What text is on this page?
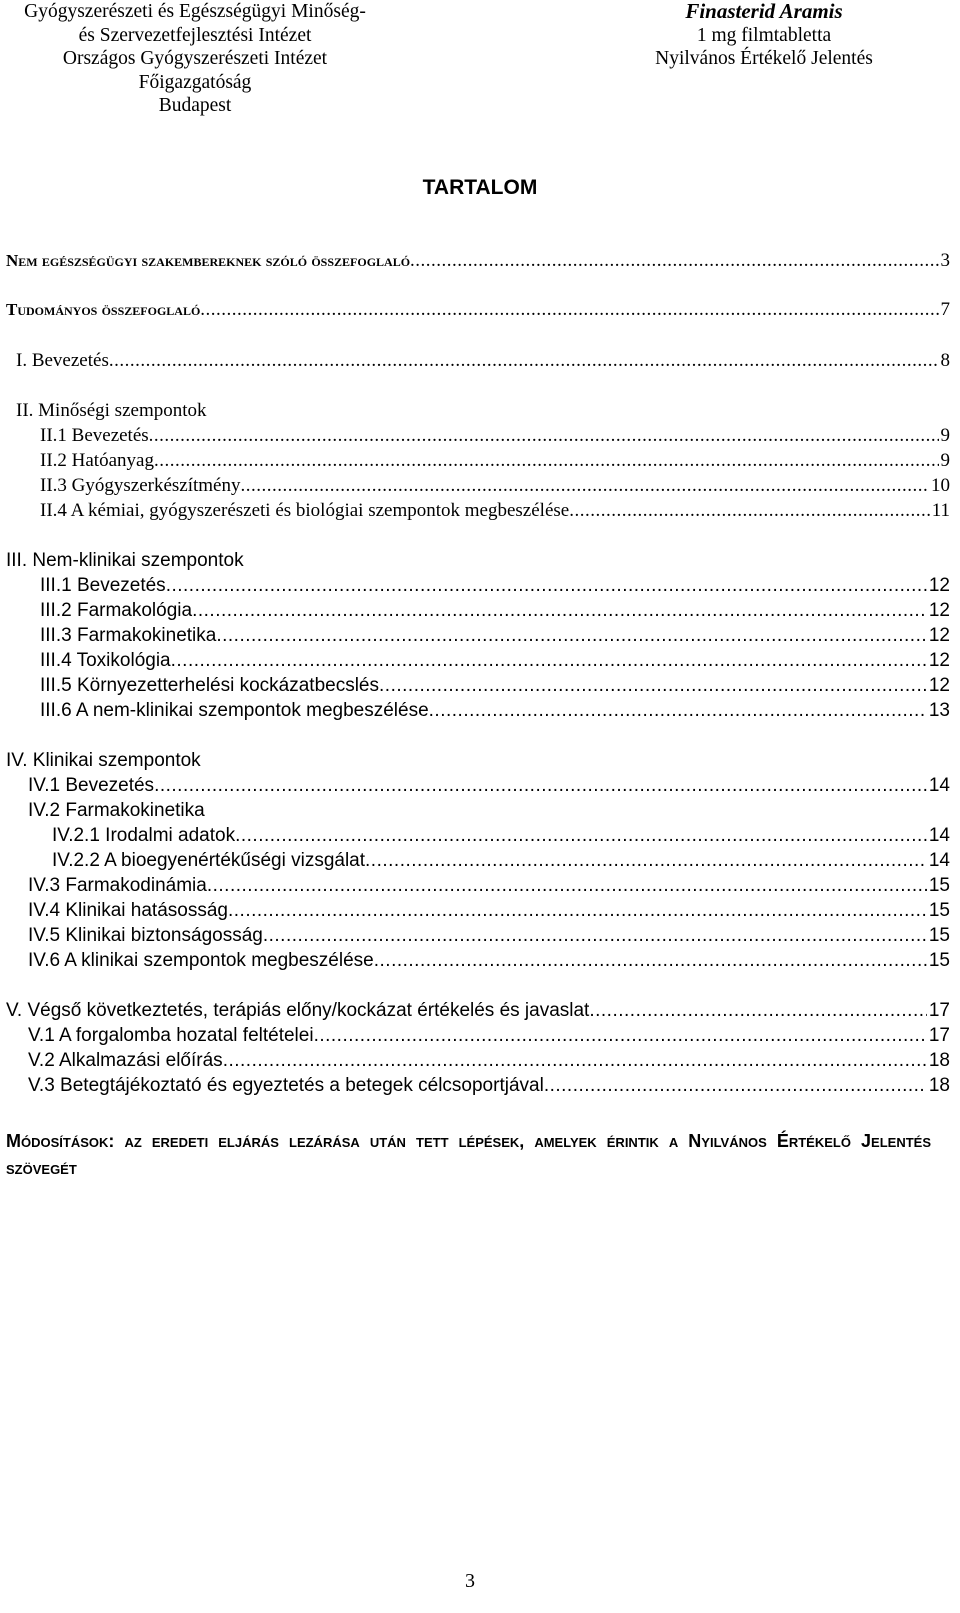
Gyógyszerészeti és Egészségügyi Minőség-
és Szervezetfejlesztési Intézet
Országos Gyógyszerészeti Intézet
Főigazgatóság
Budapest
Finasterid Aramis
1 mg filmtabletta
Nyilvános Értékelő Jelentés
TARTALOM
Nem egészségügyi szakembereknek szóló összefoglaló .....	3
Tudományos összefoglaló .....	7
I. Bevezetés .....	8
II. Minőségi szempontok
II.1 Bevezetés .....	9
II.2 Hatóanyag .....	9
II.3 Gyógyszerkészítmény .....	10
II.4 A kémiai, gyógyszerészeti és biológiai szempontok megbeszélése .....	11
III. Nem-klinikai szempontok
III.1 Bevezetés .....	12
III.2 Farmakológia .....	12
III.3 Farmakokinetika .....	12
III.4 Toxikológia .....	12
III.5 Környezetterhelési kockázatbecslés .....	12
III.6 A nem-klinikai szempontok megbeszélése .....	13
IV. Klinikai szempontok
IV.1 Bevezetés .....	14
IV.2 Farmakokinetika
IV.2.1 Irodalmi adatok .....	14
IV.2.2 A bioegyenértékűségi vizsgálat .....	14
IV.3 Farmakodinámia .....	15
IV.4 Klinikai hatásosság .....	15
IV.5 Klinikai biztonságosság .....	15
IV.6 A klinikai szempontok megbeszélése .....	15
V. Végső következtetés, terápiás előny/kockázat értékelés és javaslat .....	17
V.1 A forgalomba hozatal feltételei .....	17
V.2 Alkalmazási előírás .....	18
V.3 Betegtájékoztató és egyeztetés a betegek célcsoportjával .....	18
Módosítások: az eredeti eljárás lezárása után tett lépések, amelyek érintik a Nyilvános Értékelő Jelentés szövegét
3
